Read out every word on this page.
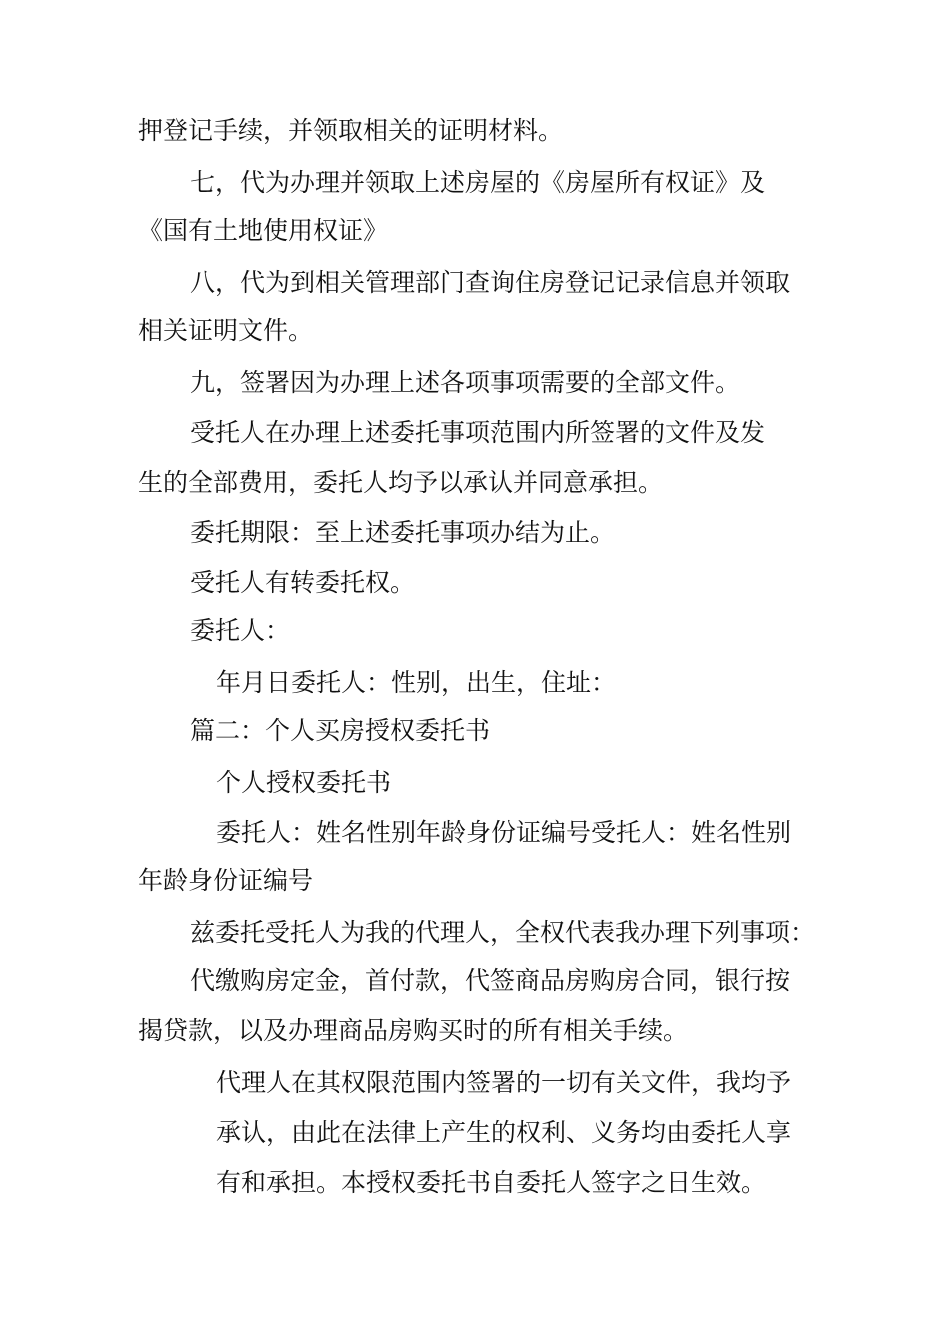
押登记手续，并领取相关的证明材料。
七，代为办理并领取上述房屋的《房屋所有权证》及
《国有土地使用权证》
八，代为到相关管理部门查询住房登记记录信息并领取
相关证明文件。
九，签署因为办理上述各项事项需要的全部文件。
受托人在办理上述委托事项范围内所签署的文件及发
生的全部费用，委托人均予以承认并同意承担。
委托期限：至上述委托事项办结为止。
受托人有转委托权。
委托人：
年月日委托人：性别，出生，住址：
篇二：个人买房授权委托书
个人授权委托书
委托人：姓名性别年龄身份证编号受托人：姓名性别
年龄身份证编号
兹委托受托人为我的代理人，全权代表我办理下列事项：
代缴购房定金，首付款，代签商品房购房合同，银行按
揭贷款，以及办理商品房购买时的所有相关手续。
代理人在其权限范围内签署的一切有关文件，我均予
承认，由此在法律上产生的权利、义务均由委托人享
有和承担。本授权委托书自委托人签字之日生效。
